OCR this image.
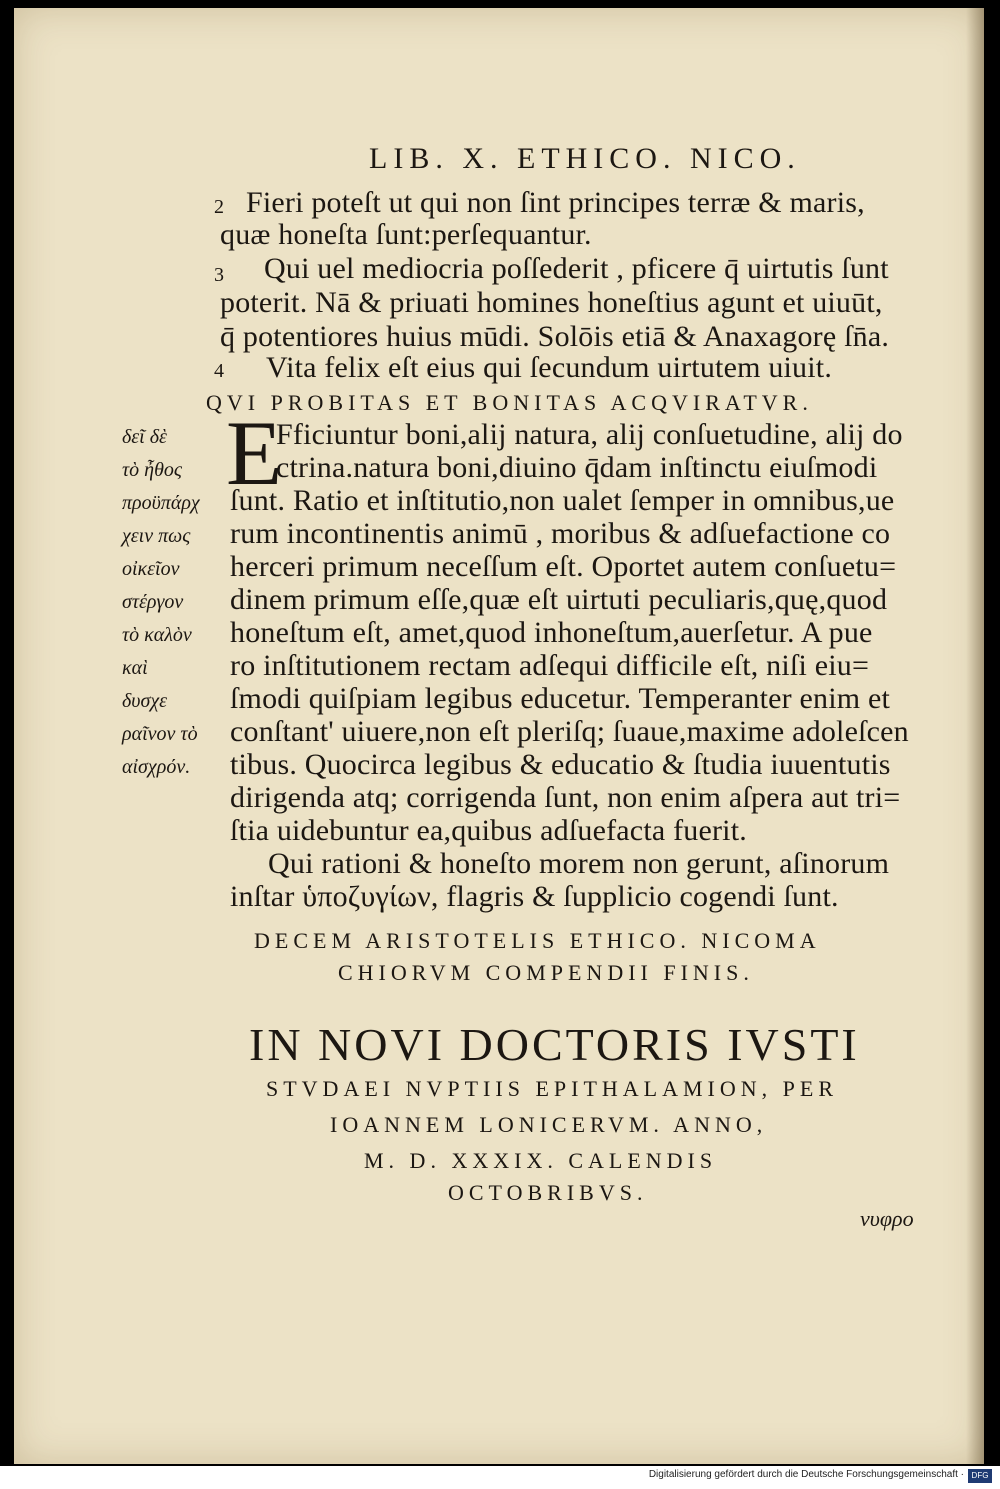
LIB. X. ETHICO. NICO.
2 Fieri poteſt ut qui non ſint principes terræ & maris,
quæ honeſta ſunt:perſequantur.
3 Qui uel mediocria poſſederit , pficere q̄ uirtutis ſunt
poterit. Nā & priuati homines honeſtius agunt et uiuūt,
q̄ potentiores huius mūdi. Solōis etiā & Anaxagorę ſn̄a.
4 Vita felix eſt eius qui ſecundum uirtutem uiuit.
QVI PROBITAS ET BONITAS ACQVIRATVR.
E
Fficiuntur boni,alij natura, alij conſuetudine, alij do
ctrina.natura boni,diuino q̄dam inſtinctu eiuſmodi
ſunt. Ratio et inſtitutio,non ualet ſemper in omnibus,ue
rum incontinentis animū , moribus & adſuefactione co
herceri primum neceſſum eſt. Oportet autem conſuetu=
dinem primum eſſe,quæ eſt uirtuti peculiaris,quę,quod
honeſtum eſt, amet,quod inhoneſtum,auerſetur. A pue
ro inſtitutionem rectam adſequi difficile eſt, niſi eiu=
ſmodi quiſpiam legibus educetur. Temperanter enim et
conſtant' uiuere,non eſt pleriſq; ſuaue,maxime adoleſcen
tibus. Quocirca legibus & educatio & ſtudia iuuentutis
dirigenda atq; corrigenda ſunt, non enim aſpera aut tri=
ſtia uidebuntur ea,quibus adſuefacta fuerit.
Qui rationi & honeſto morem non gerunt, aſinorum
inſtar ὑποζυγίων, flagris & ſupplicio cogendi ſunt.
δεῖ δὲ
τὸ ἦθος
προϋπάρχ
χειν πως
οἰκεῖον
στέργον
τὸ καλὸν
καὶ
δυσχε
ραῖνον τὸ
αἰσχρόν.
DECEM ARISTOTELIS ETHICO. NICOMA
CHIORVM COMPENDII FINIS.
IN NOVI DOCTORIS IVSTI
STVDAEI NVPTIIS EPITHALAMION, PER
IOANNEM LONICERVM. ANNO,
M. D. XXXIX. CALENDIS
OCTOBRIBVS.
νυφρο
Digitalisierung gefördert durch die Deutsche Forschungsgemeinschaft · DFG
